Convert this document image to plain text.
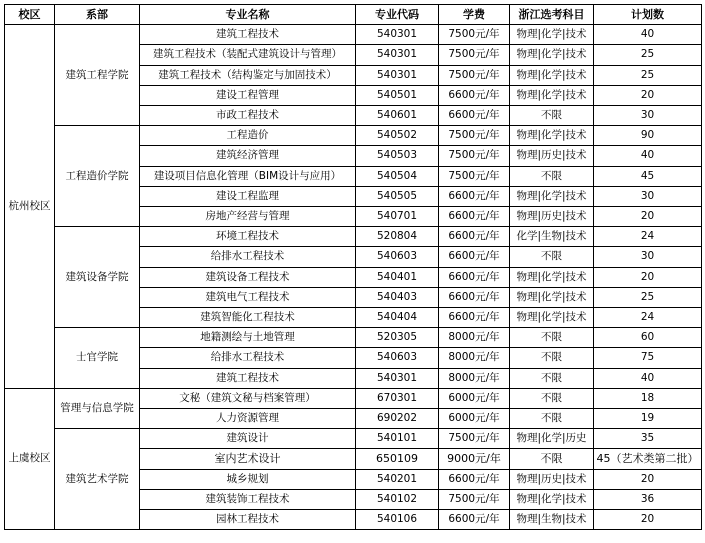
校区	系部	专业名称	专业代码	学费	浙江选考科目	计划数
杭州校区	建筑工程学院	建筑工程技术	540301	7500元/年	物理|化学|技术	40
		建筑工程技术（装配式建筑设计与管理）	540301	7500元/年	物理|化学|技术	25
		建筑工程技术（结构鉴定与加固技术）	540301	7500元/年	物理|化学|技术	25
		建设工程管理	540501	6600元/年	物理|化学|技术	20
		市政工程技术	540601	6600元/年	不限	30
	工程造价学院	工程造价	540502	7500元/年	物理|化学|技术	90
		建筑经济管理	540503	7500元/年	物理|历史|技术	40
		建设项目信息化管理（BIM设计与应用）	540504	7500元/年	不限	45
		建设工程监理	540505	6600元/年	物理|化学|技术	30
		房地产经营与管理	540701	6600元/年	物理|历史|技术	20
	建筑设备学院	环境工程技术	520804	6600元/年	化学|生物|技术	24
		给排水工程技术	540603	6600元/年	不限	30
		建筑设备工程技术	540401	6600元/年	物理|化学|技术	20
		建筑电气工程技术	540403	6600元/年	物理|化学|技术	25
		建筑智能化工程技术	540404	6600元/年	物理|化学|技术	24
	士官学院	地籍测绘与土地管理	520305	8000元/年	不限	60
		给排水工程技术	540603	8000元/年	不限	75
		建筑工程技术	540301	8000元/年	不限	40
上虞校区	管理与信息学院	文秘（建筑文秘与档案管理）	670301	6000元/年	不限	18
		人力资源管理	690202	6000元/年	不限	19
	建筑艺术学院	建筑设计	540101	7500元/年	物理|化学|历史	35
		室内艺术设计	650109	9000元/年	不限	45（艺术类第二批）
		城乡规划	540201	6600元/年	物理|历史|技术	20
		建筑装饰工程技术	540102	7500元/年	物理|化学|技术	36
		园林工程技术	540106	6600元/年	物理|生物|技术	20
